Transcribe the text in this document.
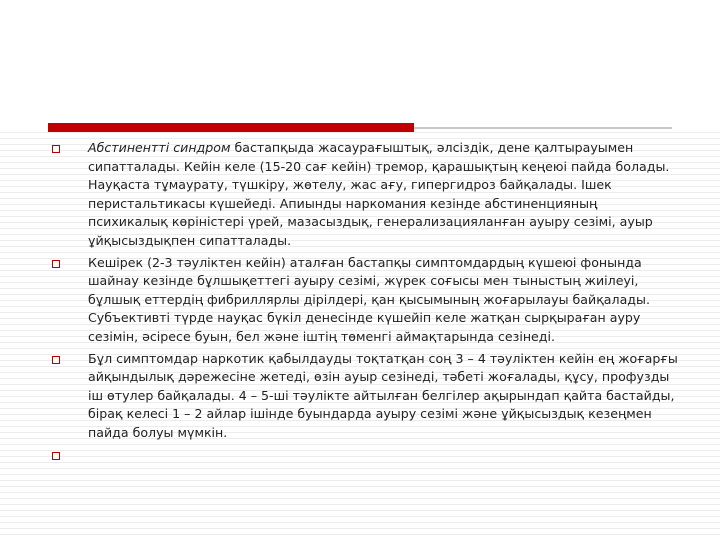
Абстиненттi синдром бастапқыда жасаурағыштық, әлсіздік, дене қалтырауымен сипатталады. Кейін келе (15-20 сағ кейін) тремор, қарашықтың кеңеюі пайда болады. Науқаста тұмаурату, түшкіру, жөтелу, жас ағу, гипергидроз байқалады. Ішек перистальтикасы күшейеді. Апиынды наркомания кезінде абстиненцияның психикалық көріністері үрей, мазасыздық, генерализацияланған ауыру сезімі, ауыр ұйқысыздықпен сипатталады.
Кешірек (2-3 тәуліктен кейін) аталған бастапқы симптомдардың күшеюі фонында шайнау кезінде бұлшықеттегі ауыру сезімі, жүрек соғысы мен тыныстың жиілеуі, бұлшық еттердің фибриллярлы дірілдері, қан қысымының жоғарылауы байқалады. Субъективті түрде науқас бүкіл денесінде күшейіп келе жатқан сырқыраған ауру сезімін, әсіресе буын, бел және іштің төменгі аймақтарында сезінеді.
Бұл симптомдар наркотик қабылдауды тоқтатқан соң 3 – 4 тәуліктен кейін ең жоғарғы айқындылық дәрежесіне жетеді, өзін ауыр сезінеді, тәбеті жоғалады, құсу, профузды іш өтулер байқалады. 4 – 5-ші тәулікте айтылған белгілер ақырындап қайта бастайды, бірақ келесі 1 – 2 айлар ішінде буындарда ауыру сезімі және ұйқысыздық кезеңмен пайда болуы мүмкін.
